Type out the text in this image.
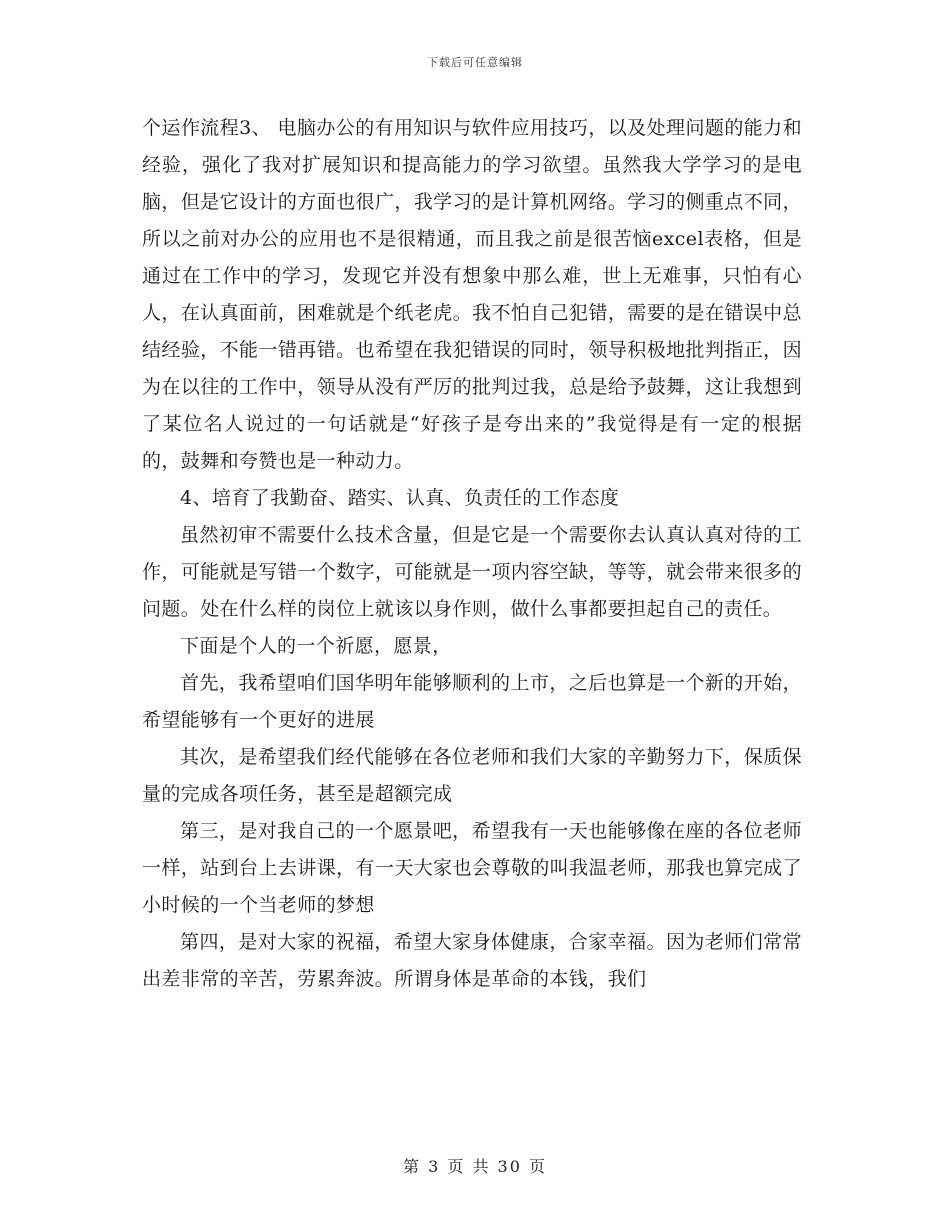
下载后可任意编辑

个运作流程3、 电脑办公的有用知识与软件应用技巧，以及处理问题的能力和经验，强化了我对扩展知识和提高能力的学习欲望。虽然我大学学习的是电脑，但是它设计的方面也很广，我学习的是计算机网络。学习的侧重点不同，所以之前对办公的应用也不是很精通，而且我之前是很苦恼excel表格，但是通过在工作中的学习，发现它并没有想象中那么难，世上无难事，只怕有心人，在认真面前，困难就是个纸老虎。我不怕自己犯错，需要的是在错误中总结经验，不能一错再错。也希望在我犯错误的同时，领导积极地批判指正，因为在以往的工作中，领导从没有严厉的批判过我，总是给予鼓舞，这让我想到了某位名人说过的一句话就是“好孩子是夸出来的”我觉得是有一定的根据的，鼓舞和夸赞也是一种动力。

4、培育了我勤奋、踏实、认真、负责任的工作态度

虽然初审不需要什么技术含量，但是它是一个需要你去认真认真对待的工作，可能就是写错一个数字，可能就是一项内容空缺，等等，就会带来很多的问题。处在什么样的岗位上就该以身作则，做什么事都要担起自己的责任。

下面是个人的一个祈愿，愿景，

首先，我希望咱们国华明年能够顺利的上市，之后也算是一个新的开始，希望能够有一个更好的进展

其次，是希望我们经代能够在各位老师和我们大家的辛勤努力下，保质保量的完成各项任务，甚至是超额完成

第三，是对我自己的一个愿景吧，希望我有一天也能够像在座的各位老师一样，站到台上去讲课，有一天大家也会尊敬的叫我温老师，那我也算完成了小时候的一个当老师的梦想

第四，是对大家的祝福，希望大家身体健康，合家幸福。因为老师们常常出差非常的辛苦，劳累奔波。所谓身体是革命的本钱，我们

第 3 页 共 30 页
